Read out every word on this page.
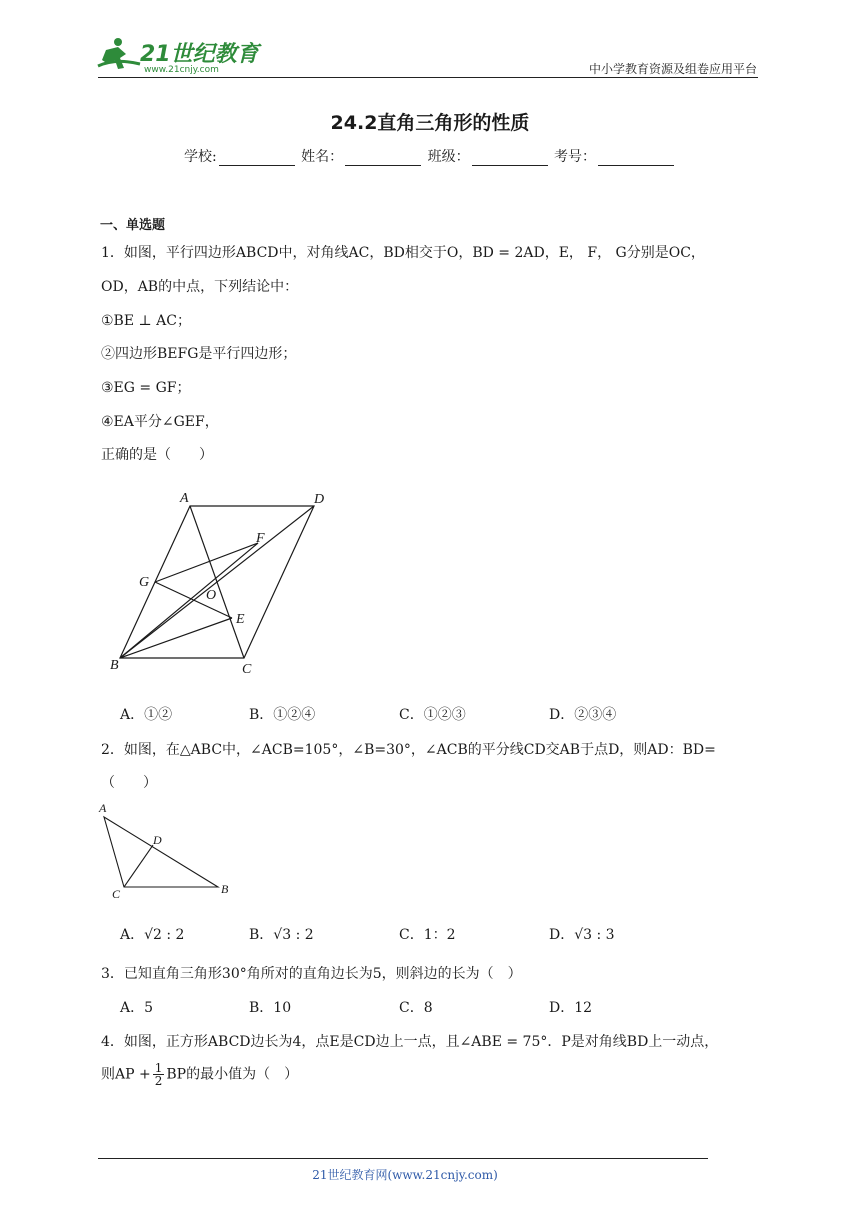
21世纪教育
www.21cnjy.com	中小学教育资源及组卷应用平台
24.2直角三角形的性质
学校:	姓名：	班级：	考号：
一、单选题
1．如图，平行四边形ABCD中，对角线AC，BD相交于O，BD = 2AD，E， F， G分别是OC，
OD，AB的中点，下列结论中：
①BE ⊥ AC；
②四边形BEFG是平行四边形；
③EG = GF；
④EA平分∠GEF，
正确的是（　　）
A	D
F
G
O
E
B	C
A．①②	B．①②④	C．①②③	D．②③④
2．如图，在△ABC中，∠ACB=105°，∠B=30°，∠ACB的平分线CD交AB于点D，则AD：BD=
（　　）
A
D
C	B
A．√2 : 2	B．√3 : 2	C．1：2	D．√3 : 3
3．已知直角三角形30°角所对的直角边长为5，则斜边的长为（　）
A．5	B．10	C．8	D．12
4．如图，正方形ABCD边长为4，点E是CD边上一点，且∠ABE = 75°．P是对角线BD上一动点，
则AP + $\frac{1}{2}$ BP的最小值为（　）
21世纪教育网(www.21cnjy.com)
